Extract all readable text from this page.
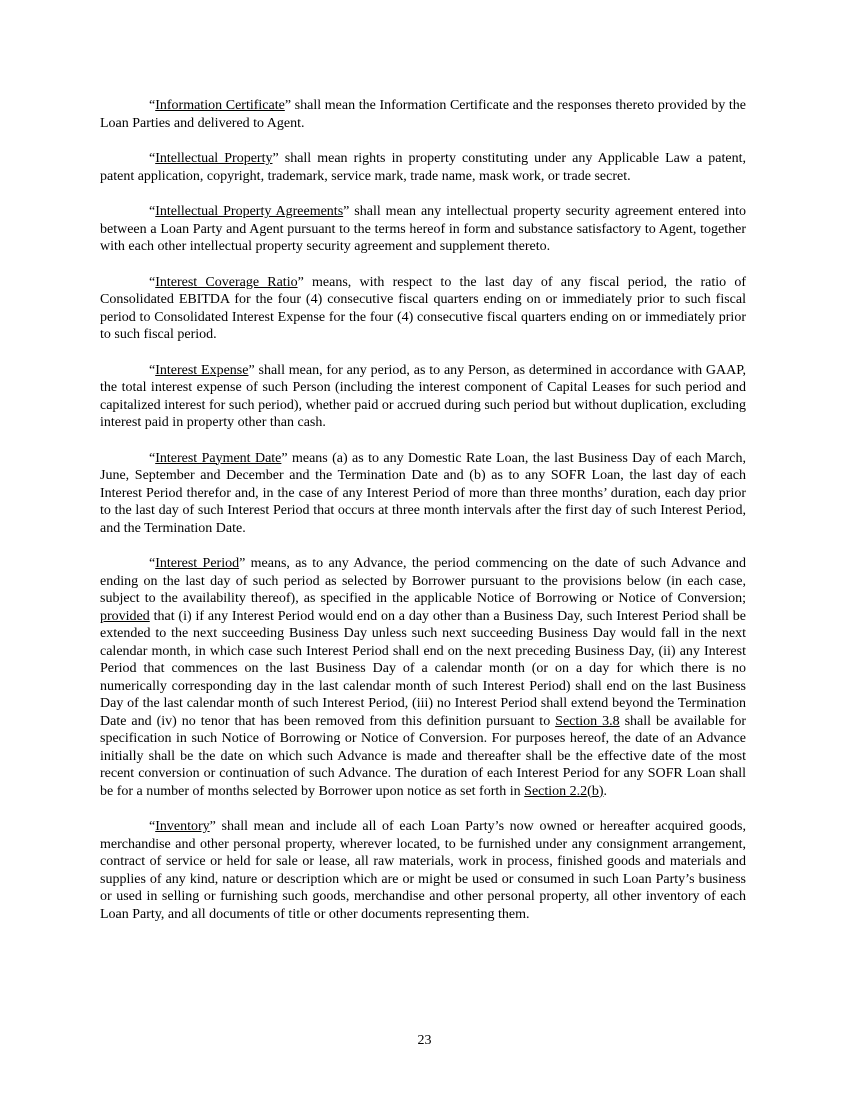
“Information Certificate” shall mean the Information Certificate and the responses thereto provided by the Loan Parties and delivered to Agent.

“Intellectual Property” shall mean rights in property constituting under any Applicable Law a patent, patent application, copyright, trademark, service mark, trade name, mask work, or trade secret.

“Intellectual Property Agreements” shall mean any intellectual property security agreement entered into between a Loan Party and Agent pursuant to the terms hereof in form and substance satisfactory to Agent, together with each other intellectual property security agreement and supplement thereto.

“Interest Coverage Ratio” means, with respect to the last day of any fiscal period, the ratio of Consolidated EBITDA for the four (4) consecutive fiscal quarters ending on or immediately prior to such fiscal period to Consolidated Interest Expense for the four (4) consecutive fiscal quarters ending on or immediately prior to such fiscal period.

“Interest Expense” shall mean, for any period, as to any Person, as determined in accordance with GAAP, the total interest expense of such Person (including the interest component of Capital Leases for such period and capitalized interest for such period), whether paid or accrued during such period but without duplication, excluding interest paid in property other than cash.

“Interest Payment Date” means (a) as to any Domestic Rate Loan, the last Business Day of each March, June, September and December and the Termination Date and (b) as to any SOFR Loan, the last day of each Interest Period therefor and, in the case of any Interest Period of more than three months’ duration, each day prior to the last day of such Interest Period that occurs at three month intervals after the first day of such Interest Period, and the Termination Date.

“Interest Period” means, as to any Advance, the period commencing on the date of such Advance and ending on the last day of such period as selected by Borrower pursuant to the provisions below (in each case, subject to the availability thereof), as specified in the applicable Notice of Borrowing or Notice of Conversion; provided that (i) if any Interest Period would end on a day other than a Business Day, such Interest Period shall be extended to the next succeeding Business Day unless such next succeeding Business Day would fall in the next calendar month, in which case such Interest Period shall end on the next preceding Business Day, (ii) any Interest Period that commences on the last Business Day of a calendar month (or on a day for which there is no numerically corresponding day in the last calendar month of such Interest Period) shall end on the last Business Day of the last calendar month of such Interest Period, (iii) no Interest Period shall extend beyond the Termination Date and (iv) no tenor that has been removed from this definition pursuant to Section 3.8 shall be available for specification in such Notice of Borrowing or Notice of Conversion. For purposes hereof, the date of an Advance initially shall be the date on which such Advance is made and thereafter shall be the effective date of the most recent conversion or continuation of such Advance. The duration of each Interest Period for any SOFR Loan shall be for a number of months selected by Borrower upon notice as set forth in Section 2.2(b).

“Inventory” shall mean and include all of each Loan Party’s now owned or hereafter acquired goods, merchandise and other personal property, wherever located, to be furnished under any consignment arrangement, contract of service or held for sale or lease, all raw materials, work in process, finished goods and materials and supplies of any kind, nature or description which are or might be used or consumed in such Loan Party’s business or used in selling or furnishing such goods, merchandise and other personal property, all other inventory of each Loan Party, and all documents of title or other documents representing them.

23
